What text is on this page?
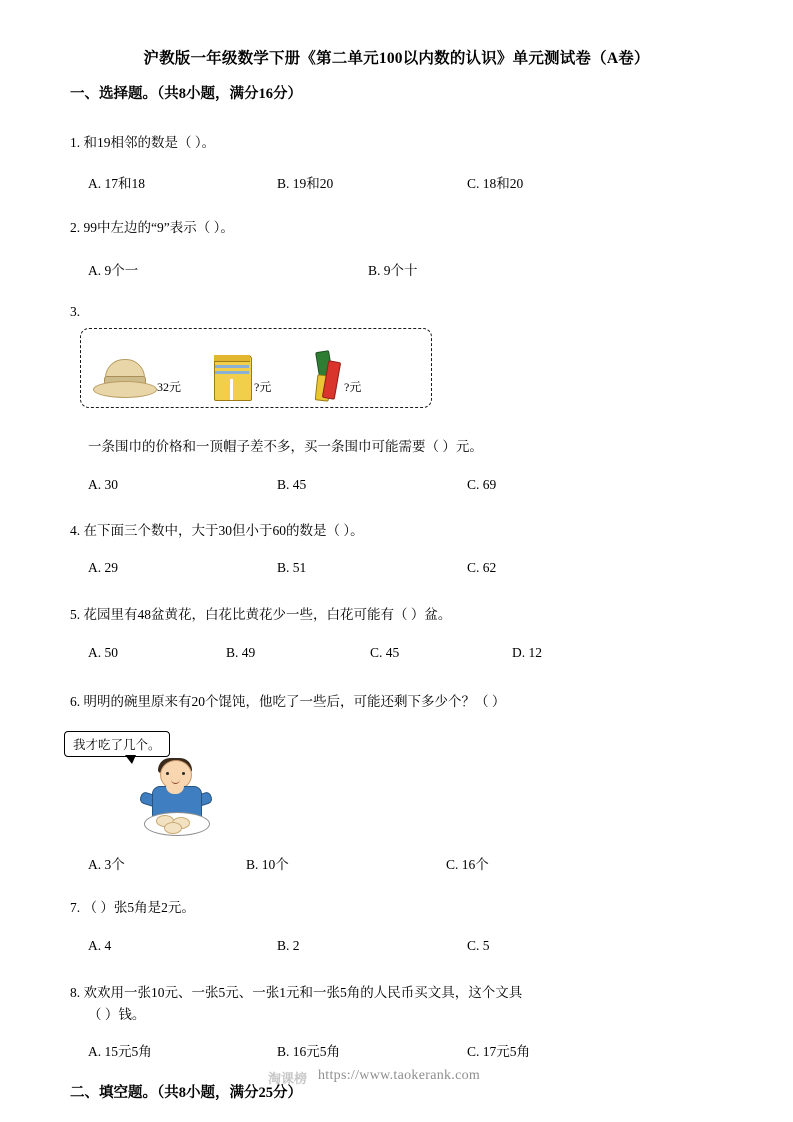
沪教版一年级数学下册《第二单元100以内数的认识》单元测试卷（A卷）
一、选择题。（共8小题，满分16分）
1. 和19相邻的数是（ ）。
A. 17和18	B. 19和20	C. 18和20
2. 99中左边的“9”表示（ ）。
A. 9个一	B. 9个十
3.
32元	?元	?元
一条围巾的价格和一顶帽子差不多，买一条围巾可能需要（ ）元。
A. 30	B. 45	C. 69
4. 在下面三个数中，大于30但小于60的数是（ ）。
A. 29	B. 51	C. 62
5. 花园里有48盆黄花，白花比黄花少一些，白花可能有（ ）盆。
A. 50	B. 49	C. 45	D. 12
6. 明明的碗里原来有20个馄饨，他吃了一些后，可能还剩下多少个？（ ）
我才吃了几个。
A. 3个	B. 10个	C. 16个
7. （ ）张5角是2元。
A. 4	B. 2	C. 5
8. 欢欢用一张10元、一张5元、一张1元和一张5角的人民币买文具，这个文具
（ ）钱。
A. 15元5角	B. 16元5角	C. 17元5角
二、填空题。（共8小题，满分25分）
淘课榜 https://www.taokerank.com
